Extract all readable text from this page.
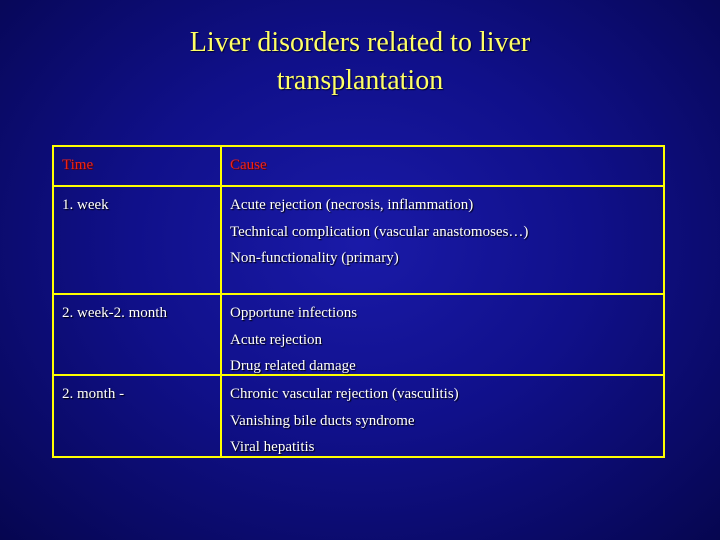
Liver disorders related to liver
transplantation
Time	Cause
1. week	Acute rejection (necrosis, inflammation)
Technical complication (vascular anastomoses…)
Non-functionality (primary)
2. week-2. month	Opportune infections
Acute rejection
Drug related damage
2. month -	Chronic vascular rejection (vasculitis)
Vanishing bile ducts syndrome
Viral hepatitis
